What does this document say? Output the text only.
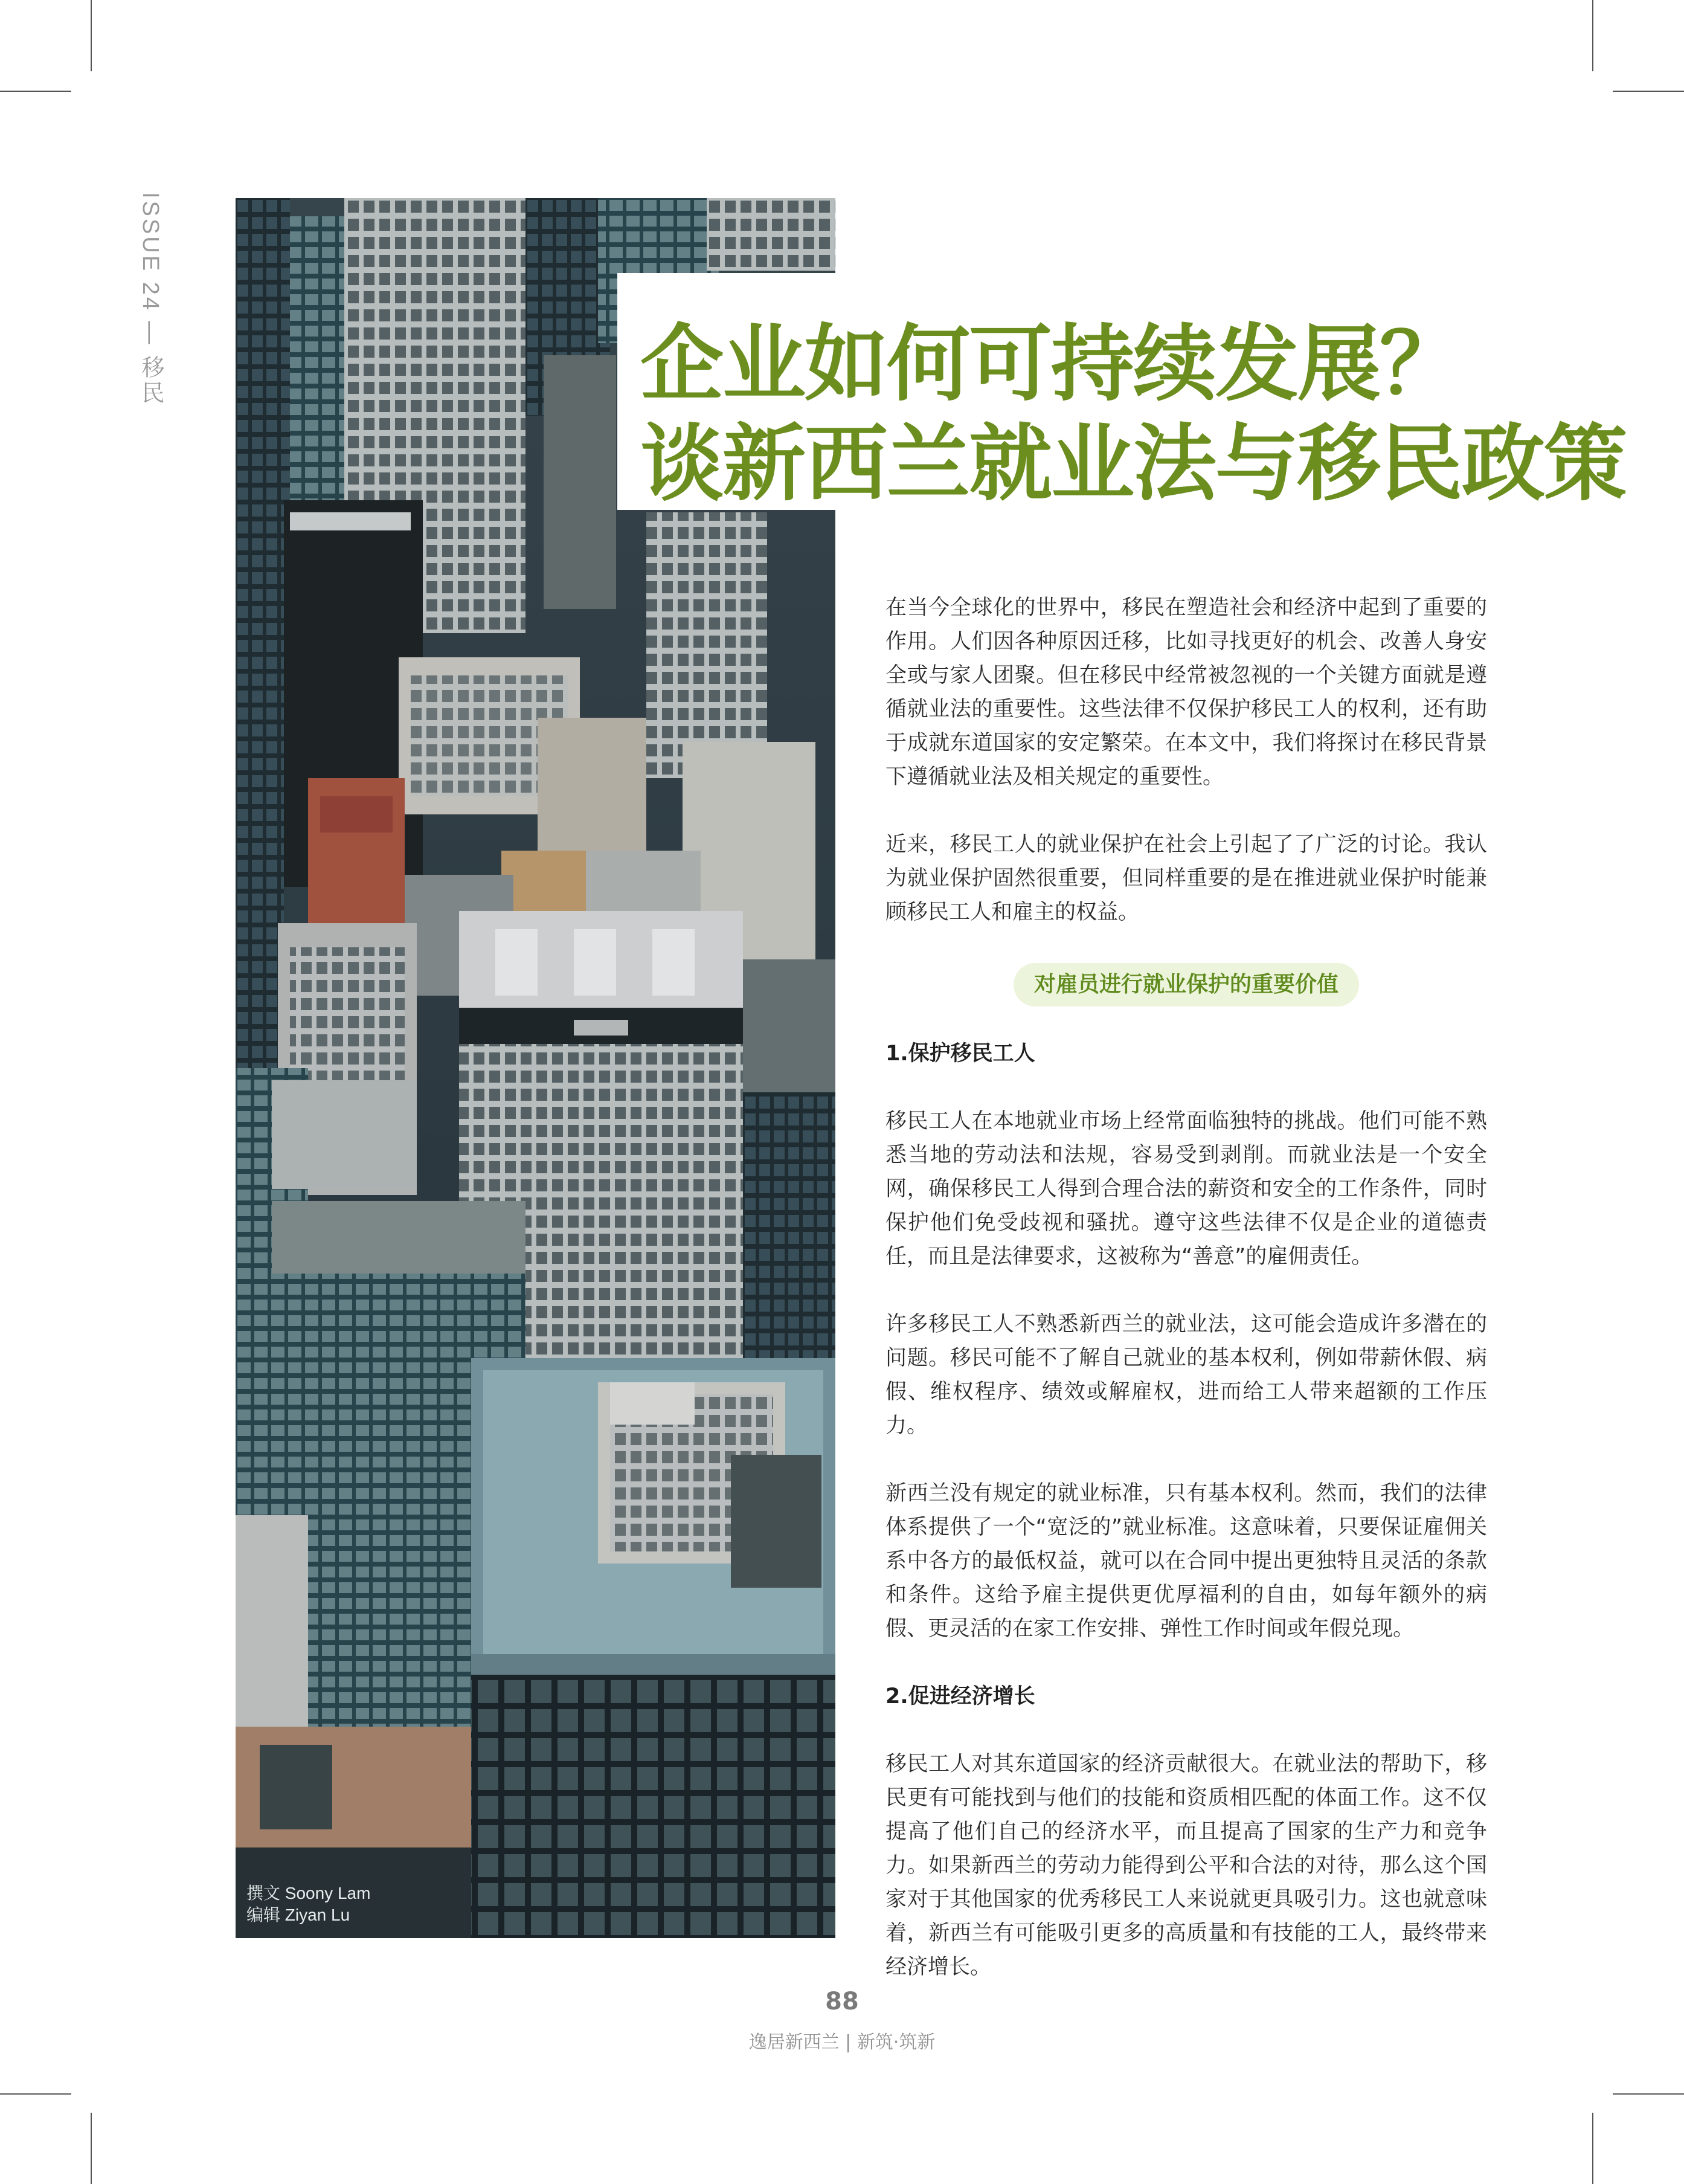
ISSUE 24 — 移民
撰文 Soony Lam
编辑 Ziyan Lu
企业如何可持续发展？
谈新西兰就业法与移民政策

在当今全球化的世界中，移民在塑造社会和经济中起到了重要的作用。人们因各种原因迁移，比如寻找更好的机会、改善人身安全或与家人团聚。但在移民中经常被忽视的一个关键方面就是遵循就业法的重要性。这些法律不仅保护移民工人的权利，还有助于成就东道国家的安定繁荣。在本文中，我们将探讨在移民背景下遵循就业法及相关规定的重要性。

近来，移民工人的就业保护在社会上引起了了广泛的讨论。我认为就业保护固然很重要，但同样重要的是在推进就业保护时能兼顾移民工人和雇主的权益。

对雇员进行就业保护的重要价值
1.保护移民工人

移民工人在本地就业市场上经常面临独特的挑战。他们可能不熟悉当地的劳动法和法规，容易受到剥削。而就业法是一个安全网，确保移民工人得到合理合法的薪资和安全的工作条件，同时保护他们免受歧视和骚扰。遵守这些法律不仅是企业的道德责任，而且是法律要求，这被称为“善意”的雇佣责任。

许多移民工人不熟悉新西兰的就业法，这可能会造成许多潜在的问题。移民可能不了解自己就业的基本权利，例如带薪休假、病假、维权程序、绩效或解雇权，进而给工人带来超额的工作压力。

新西兰没有规定的就业标准，只有基本权利。然而，我们的法律体系提供了一个“宽泛的”就业标准。这意味着，只要保证雇佣关系中各方的最低权益，就可以在合同中提出更独特且灵活的条款和条件。这给予雇主提供更优厚福利的自由，如每年额外的病假、更灵活的在家工作安排、弹性工作时间或年假兑现。

2.促进经济增长

移民工人对其东道国家的经济贡献很大。在就业法的帮助下，移民更有可能找到与他们的技能和资质相匹配的体面工作。这不仅提高了他们自己的经济水平，而且提高了国家的生产力和竞争力。如果新西兰的劳动力能得到公平和合法的对待，那么这个国家对于其他国家的优秀移民工人来说就更具吸引力。这也就意味着，新西兰有可能吸引更多的高质量和有技能的工人，最终带来经济增长。

88
逸居新西兰 | 新筑·筑新
